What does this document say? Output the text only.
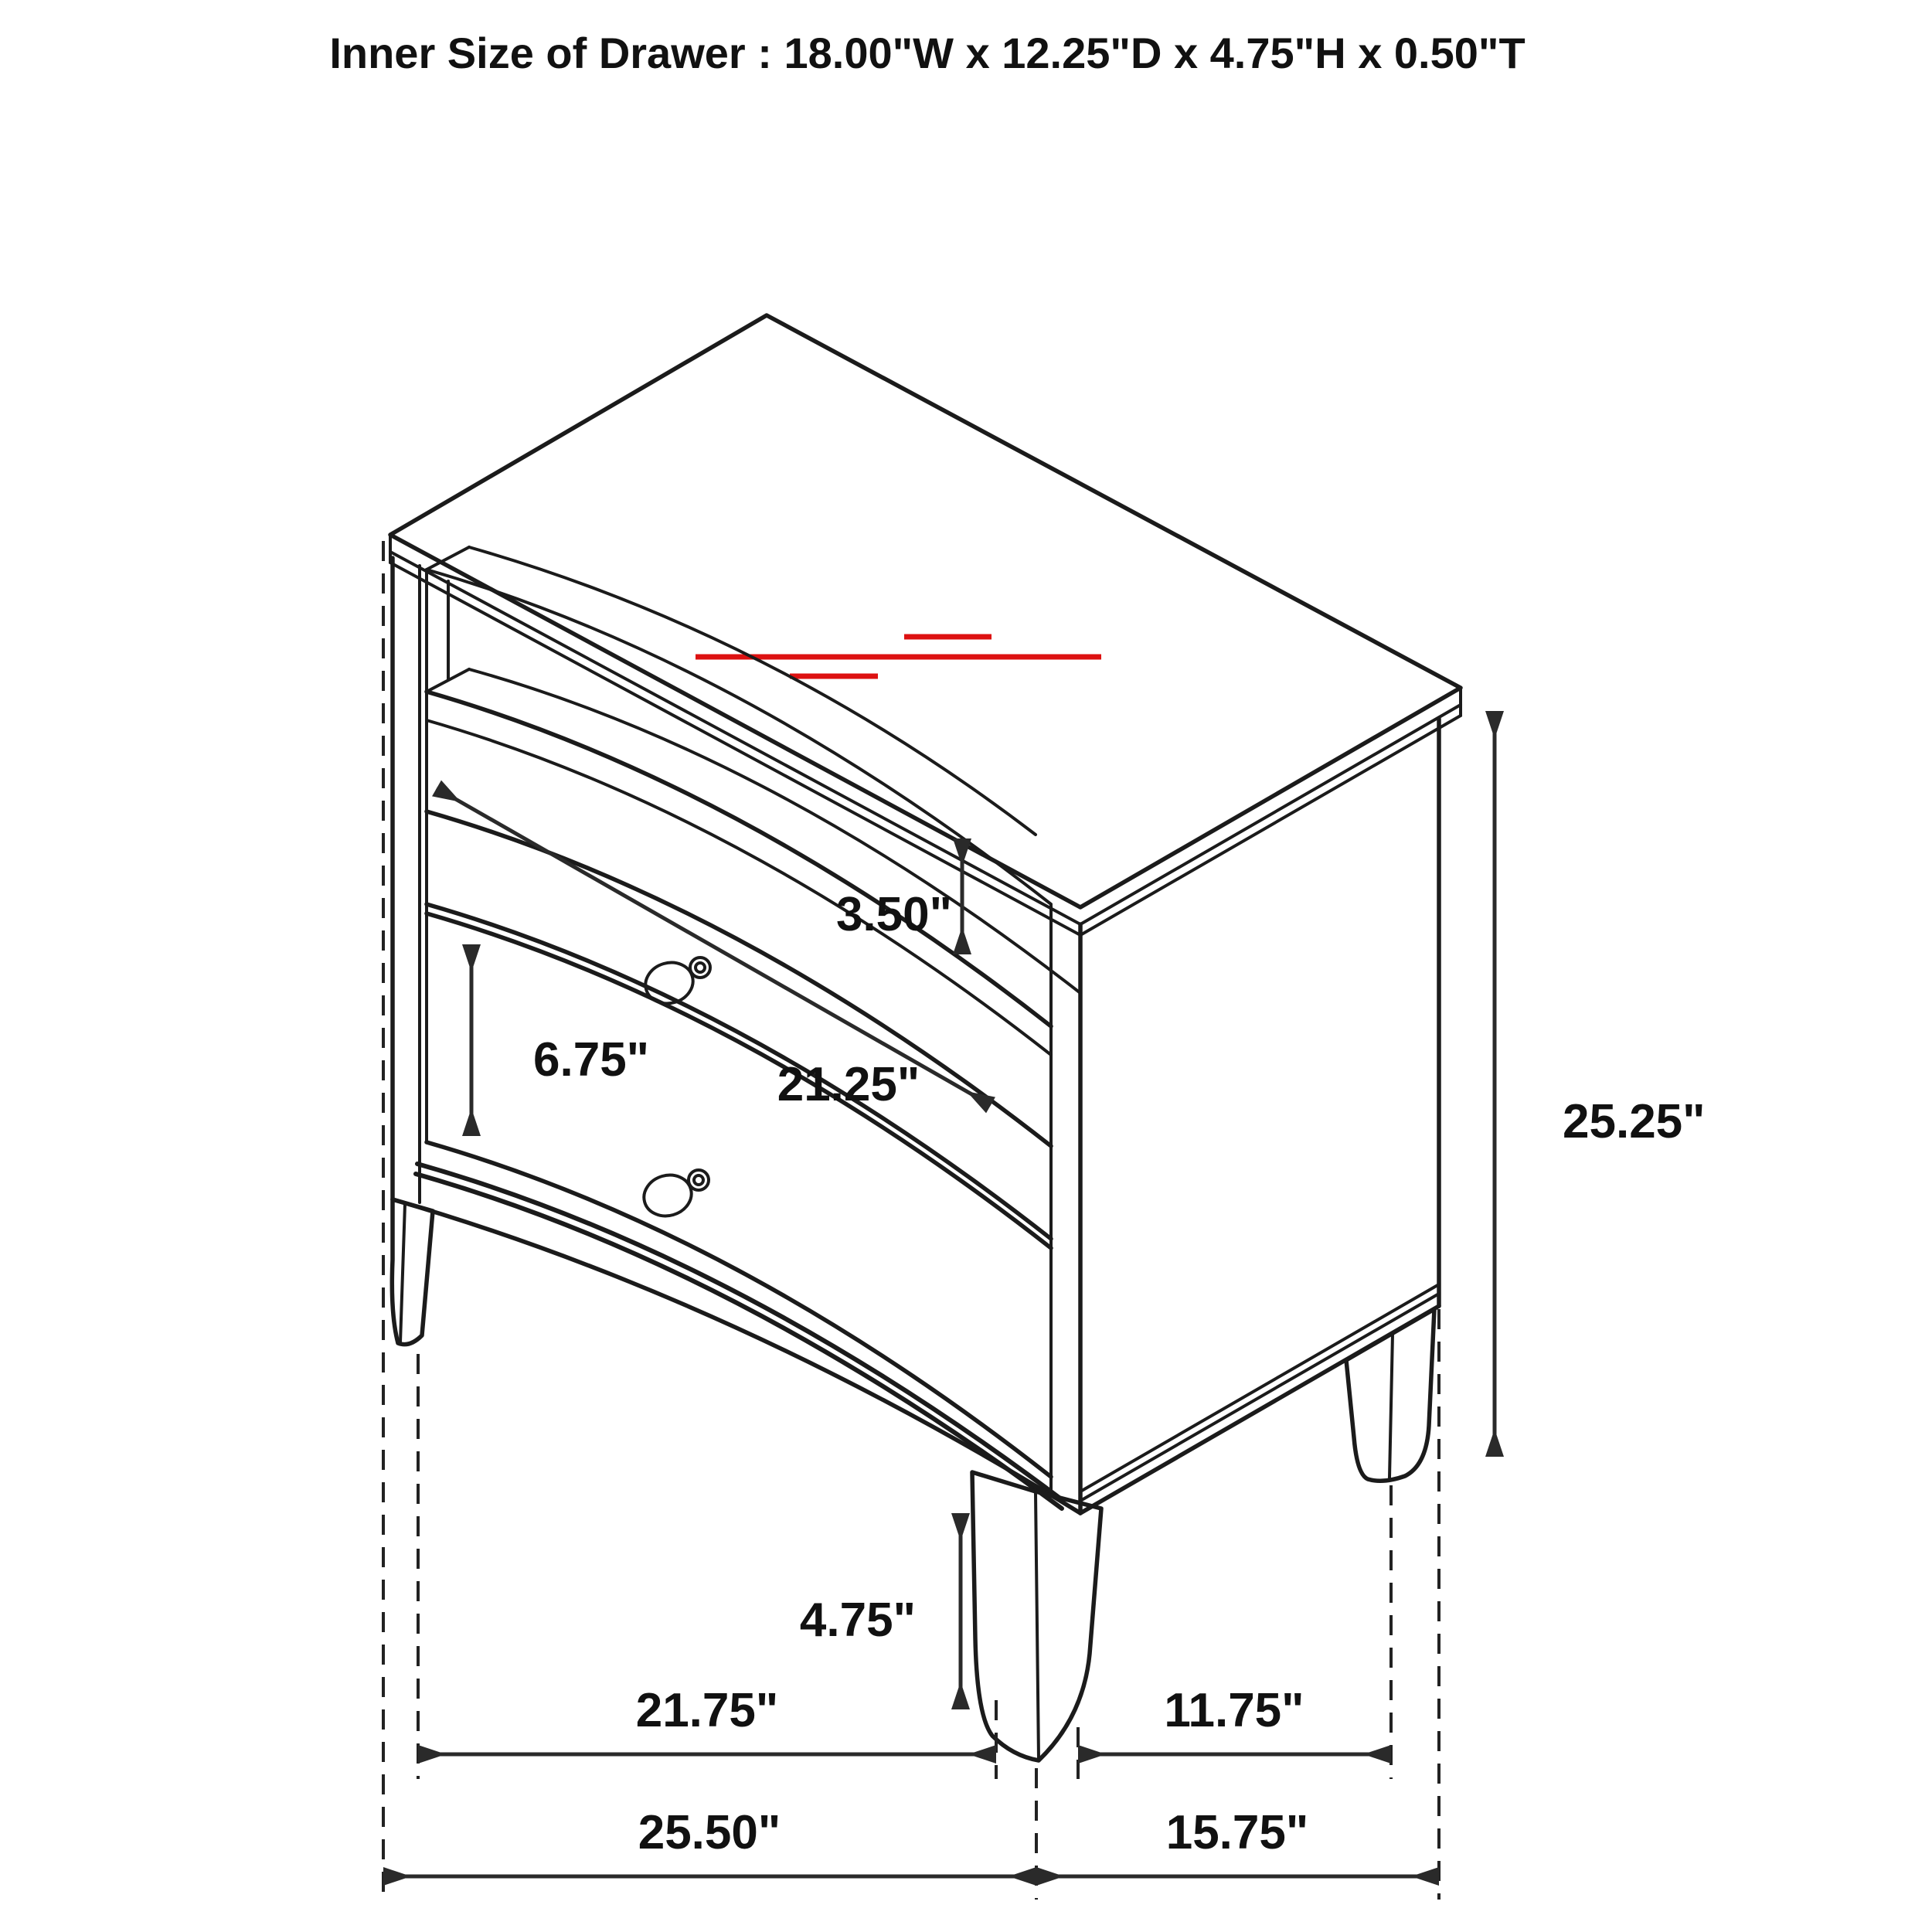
Inner Size of Drawer : 18.00"W x 12.25"D x 4.75"H x 0.50"T
3.50"
6.75"	21.25"
25.25"
4.75"
21.75"	11.75"
25.50"	15.75"
